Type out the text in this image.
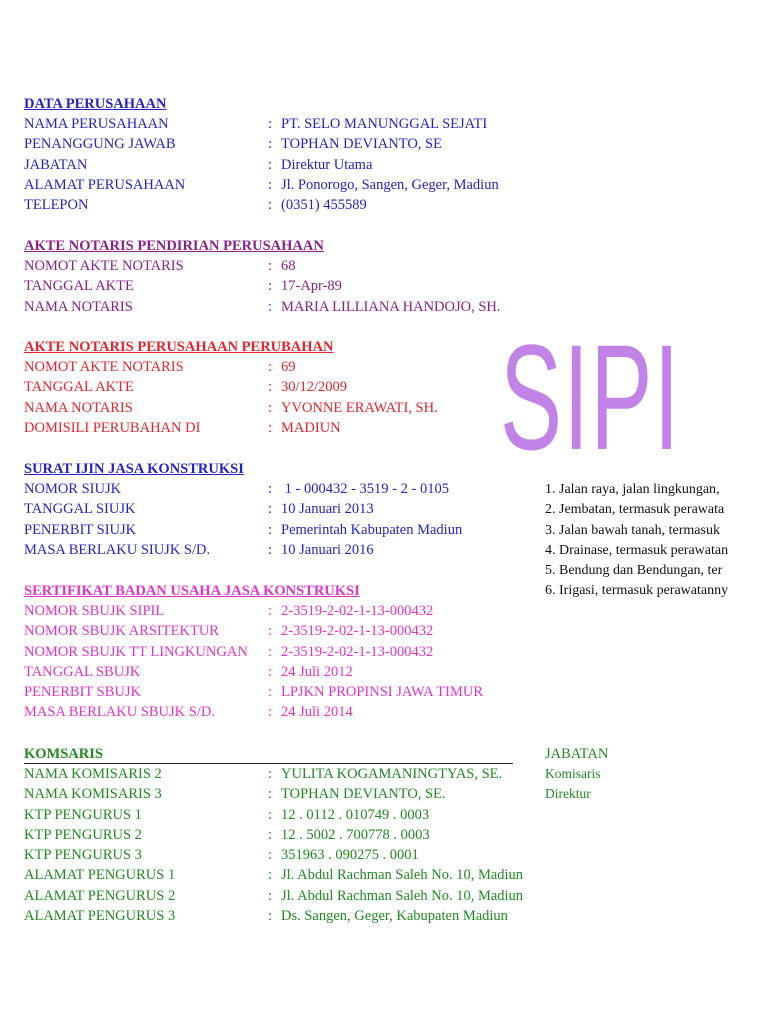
DATA PERUSAHAAN
NAMA PERUSAHAAN	: PT. SELO MANUNGGAL SEJATI
PENANGGUNG JAWAB	: TOPHAN DEVIANTO, SE
JABATAN	: Direktur Utama
ALAMAT PERUSAHAAN	: Jl. Ponorogo, Sangen, Geger, Madiun
TELEPON	: (0351) 455589
AKTE NOTARIS PENDIRIAN PERUSAHAAN
NOMOT AKTE NOTARIS	: 68
TANGGAL AKTE	: 17-Apr-89
NAMA NOTARIS	: MARIA LILLIANA HANDOJO, SH.
AKTE NOTARIS PERUSAHAAN PERUBAHAN
NOMOT AKTE NOTARIS	: 69
TANGGAL AKTE	: 30/12/2009
NAMA NOTARIS	: YVONNE ERAWATI, SH.
DOMISILI PERUBAHAN DI	: MADIUN
SURAT IJIN JASA KONSTRUKSI
NOMOR SIUJK	: 1 - 000432 - 3519 - 2 - 0105
TANGGAL SIUJK	: 10 Januari 2013
PENERBIT SIUJK	: Pemerintah Kabupaten Madiun
MASA BERLAKU SIUJK S/D.	: 10 Januari 2016
SERTIFIKAT BADAN USAHA JASA KONSTRUKSI
NOMOR SBUJK SIPIL	: 2-3519-2-02-1-13-000432
NOMOR SBUJK ARSITEKTUR	: 2-3519-2-02-1-13-000432
NOMOR SBUJK TT LINGKUNGAN : 2-3519-2-02-1-13-000432
TANGGAL SBUJK	: 24 Juli 2012
PENERBIT SBUJK	: LPJKN PROPINSI JAWA TIMUR
MASA BERLAKU SBUJK S/D.	: 24 Juli 2014
KOMSARIS
NAMA KOMISARIS 2	: YULITA KOGAMANINGTYAS, SE.
NAMA KOMISARIS 3	: TOPHAN DEVIANTO, SE.
KTP PENGURUS 1	: 12 . 0112 . 010749 . 0003
KTP PENGURUS 2	: 12 . 5002 . 700778 . 0003
KTP PENGURUS 3	: 351963 . 090275 . 0001
ALAMAT PENGURUS 1	: Jl. Abdul Rachman Saleh No. 10, Madiun
ALAMAT PENGURUS 2	: Jl. Abdul Rachman Saleh No. 10, Madiun
ALAMAT PENGURUS 3	: Ds. Sangen, Geger, Kabupaten Madiun
JABATAN
Komisaris
Direktur
SIPI
1. Jalan raya, jalan lingkungan,
2. Jembatan, termasuk perawata
3. Jalan bawah tanah, termasuk
4. Drainase, termasuk perawatan
5. Bendung dan Bendungan, ter
6. Irigasi, termasuk perawatanny
